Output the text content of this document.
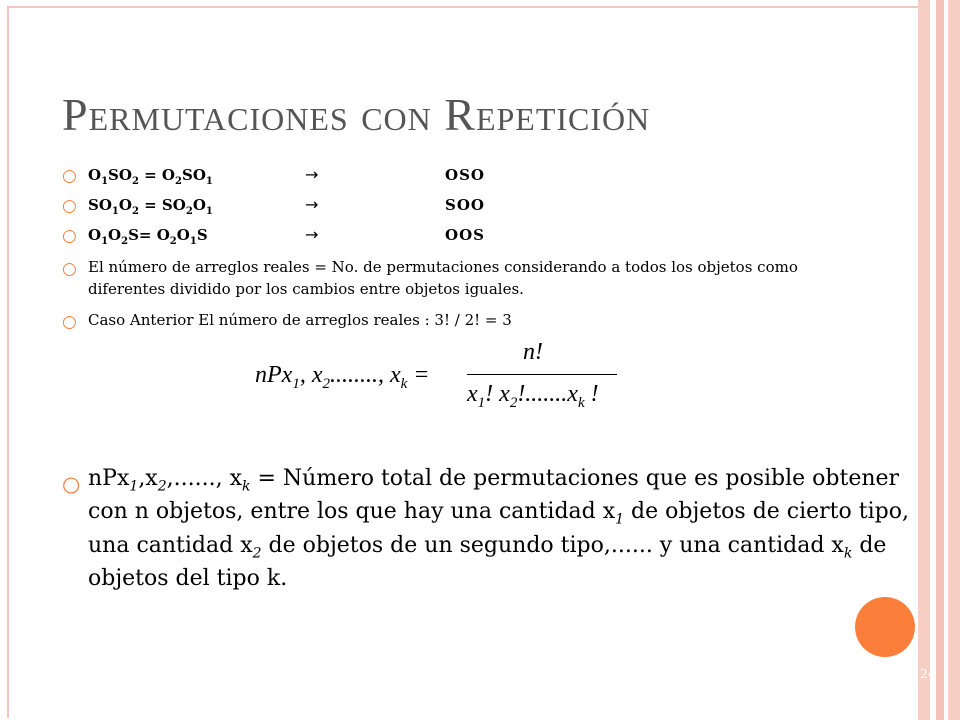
24
PERMUTACIONES CON REPETICIÓN
○ $O_1SO_2 = O_2SO_1$	→	OSO
○ $SO_1O_2 = SO_2O_1$	→	SOO
○ $O_1O_2S= O_2O_1S$	→	OOS
○ El número de arreglos reales = No. de permutaciones considerando a todos los objetos como diferentes dividido por los cambios entre objetos iguales.
○ Caso Anterior El número de arreglos reales : 3! / 2! = 3
nPx$_1$, $x_2$........, $x_k$ =
n!
$x_1$! $x_2!.......x_k$ !
○ $nPx_1,x_2$,......, $x_k$ = Número total de permutaciones que es posible obtener con n objetos, entre los que hay una cantidad $x_1$ de objetos de cierto tipo, una cantidad $x_2$ de objetos de un segundo tipo,...... y una cantidad $x_k$ de objetos del tipo k.
